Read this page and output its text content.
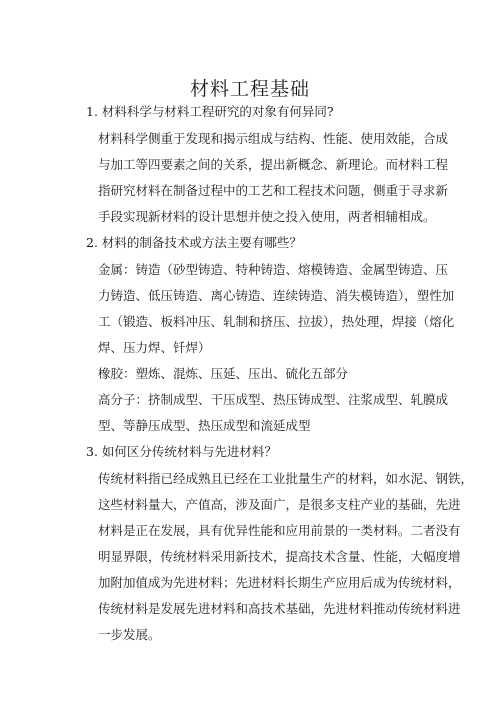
材料工程基础
1. 材料科学与材料工程研究的对象有何异同?
材料科学侧重于发现和揭示组成与结构、性能、使用效能，合成
与加工等四要素之间的关系，提出新概念、新理论。而材料工程
指研究材料在制备过程中的工艺和工程技术问题，侧重于寻求新
手段实现新材料的设计思想并使之投入使用，两者相辅相成。
2. 材料的制备技术或方法主要有哪些？
金属：铸造（砂型铸造、特种铸造、熔模铸造、金属型铸造、压
力铸造、低压铸造、离心铸造、连续铸造、消失模铸造），塑性加
工（锻造、板料冲压、轧制和挤压、拉拔），热处理，焊接（熔化
焊、压力焊、钎焊）
橡胶：塑炼、混炼、压延、压出、硫化五部分
高分子：挤制成型、干压成型、热压铸成型、注浆成型、轧膜成
型、等静压成型、热压成型和流延成型
3. 如何区分传统材料与先进材料？
传统材料指已经成熟且已经在工业批量生产的材料，如水泥、钢铁，
这些材料量大，产值高，涉及面广，是很多支柱产业的基础，先进
材料是正在发展，具有优异性能和应用前景的一类材料。二者没有
明显界限，传统材料采用新技术，提高技术含量、性能，大幅度增
加附加值成为先进材料；先进材料长期生产应用后成为传统材料，
传统材料是发展先进材料和高技术基础，先进材料推动传统材料进
一步发展。
